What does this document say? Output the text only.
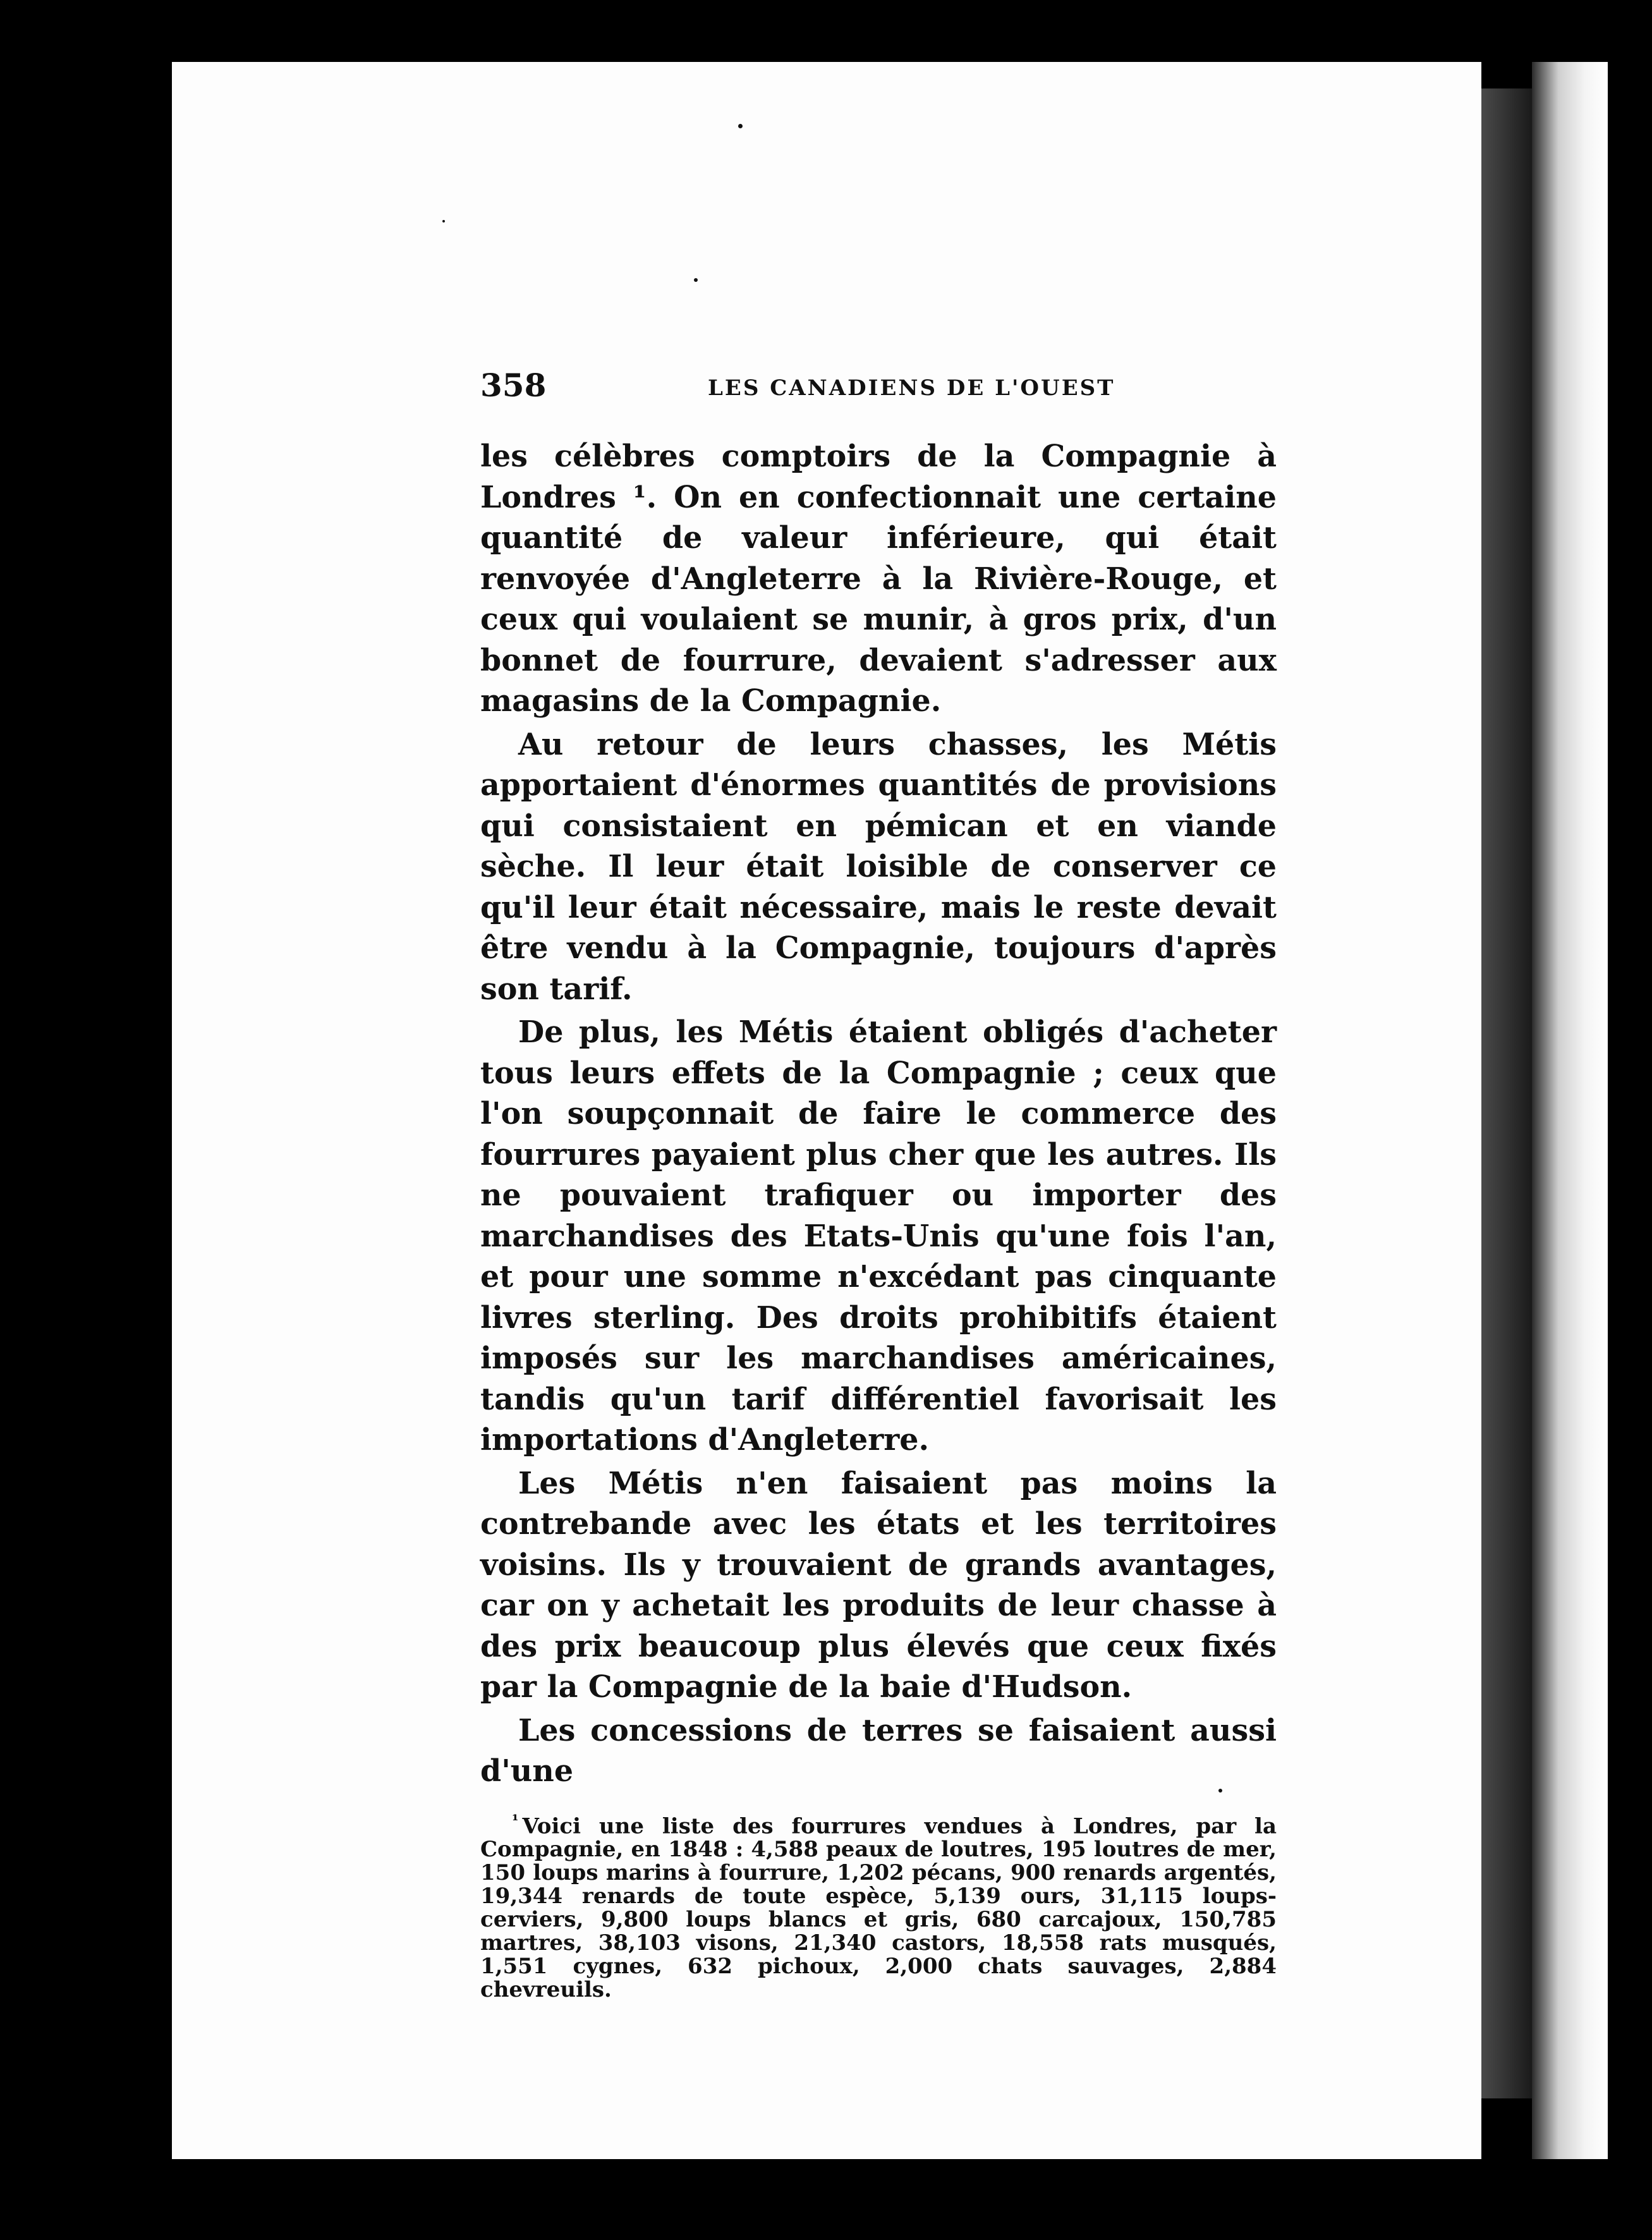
358	LES CANADIENS DE L'OUEST

les célèbres comptoirs de la Compagnie à Londres ¹. On en confectionnait une certaine quantité de valeur inférieure, qui était renvoyée d'Angleterre à la Rivière-Rouge, et ceux qui voulaient se munir, à gros prix, d'un bonnet de fourrure, devaient s'adresser aux magasins de la Compagnie.

Au retour de leurs chasses, les Métis apportaient d'énormes quantités de provisions qui consistaient en pémican et en viande sèche. Il leur était loisible de conserver ce qu'il leur était nécessaire, mais le reste devait être vendu à la Compagnie, toujours d'après son tarif.

De plus, les Métis étaient obligés d'acheter tous leurs effets de la Compagnie ; ceux que l'on soupçonnait de faire le commerce des fourrures payaient plus cher que les autres. Ils ne pouvaient trafiquer ou importer des marchandises des Etats-Unis qu'une fois l'an, et pour une somme n'excédant pas cinquante livres sterling. Des droits prohibitifs étaient imposés sur les marchandises américaines, tandis qu'un tarif différentiel favorisait les importations d'Angleterre.

Les Métis n'en faisaient pas moins la contrebande avec les états et les territoires voisins. Ils y trouvaient de grands avantages, car on y achetait les produits de leur chasse à des prix beaucoup plus élevés que ceux fixés par la Compagnie de la baie d'Hudson.

Les concessions de terres se faisaient aussi d'une

$^{^1}$ Voici une liste des fourrures vendues à Londres, par la Compagnie, en 1848 : 4,588 peaux de loutres, 195 loutres de mer, 150 loups marins à fourrure, 1,202 pécans, 900 renards argentés, 19,344 renards de toute espèce, 5,139 ours, 31,115 loups-cerviers, 9,800 loups blancs et gris, 680 carcajoux, 150,785 martres, 38,103 visons, 21,340 castors, 18,558 rats musqués, 1,551 cygnes, 632 pichoux, 2,000 chats sauvages, 2,884 chevreuils.
